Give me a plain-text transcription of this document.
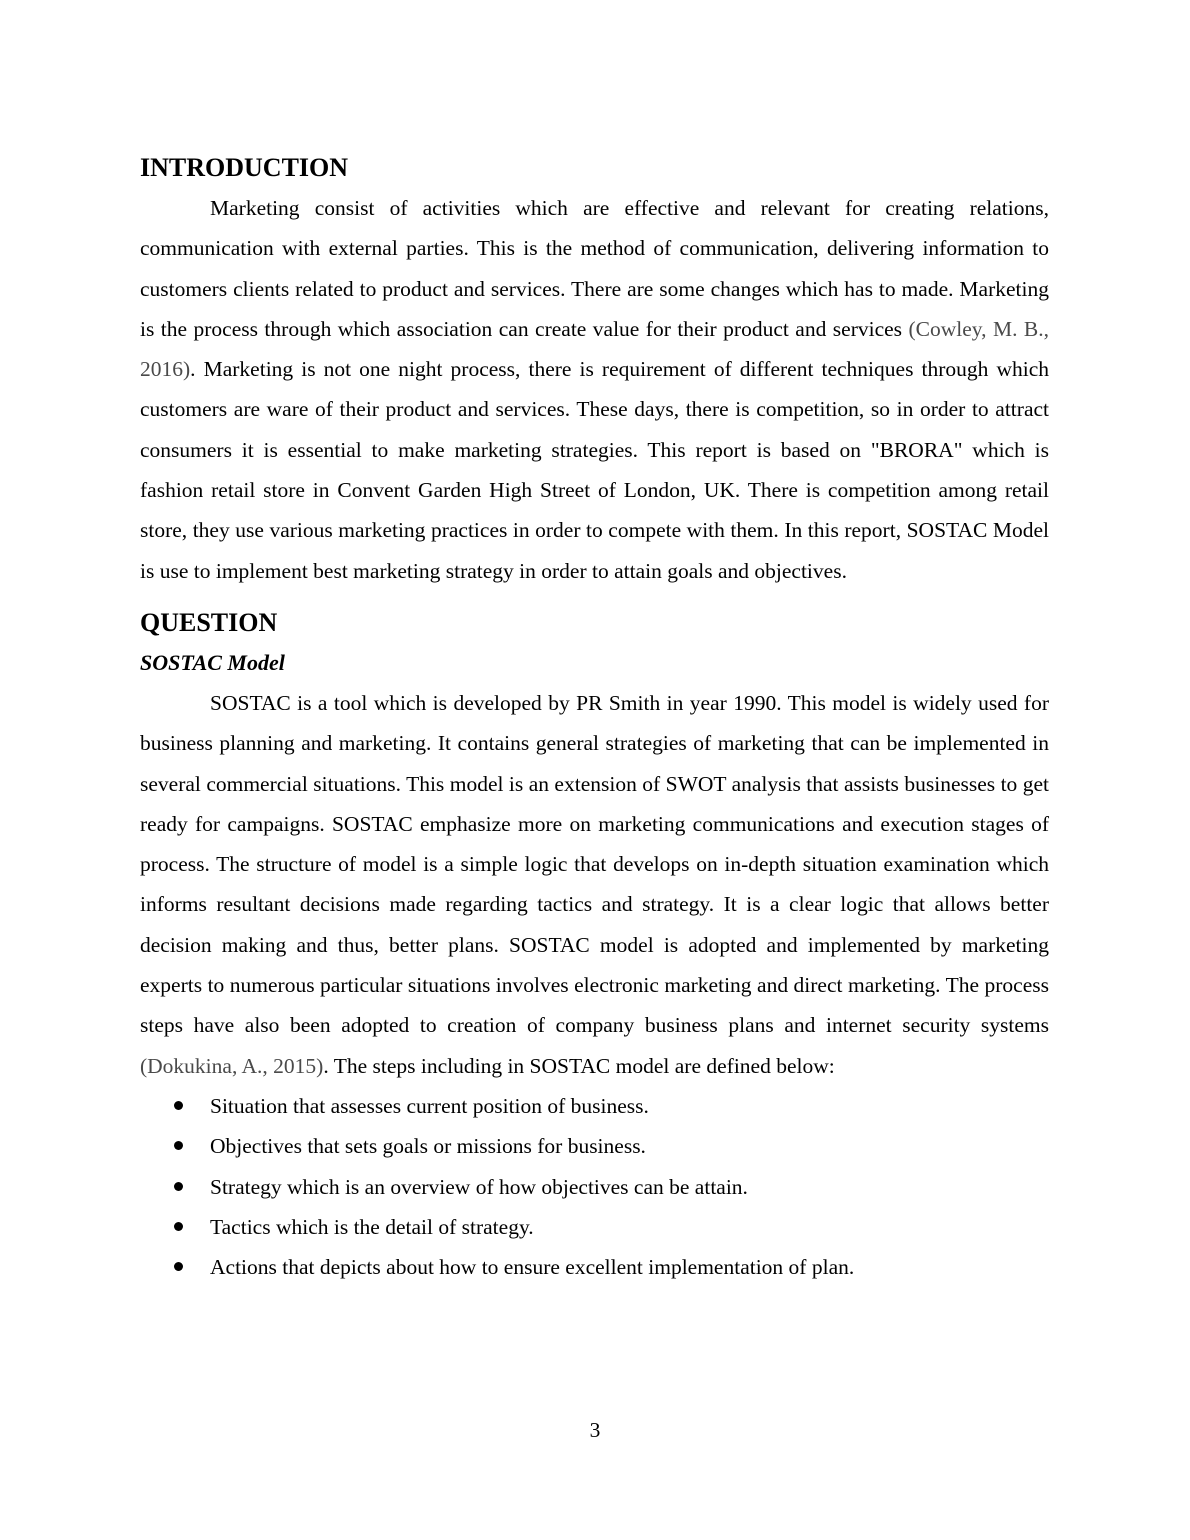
INTRODUCTION

Marketing consist of activities which are effective and relevant for creating relations, communication with external parties. This is the method of communication, delivering information to customers clients related to product and services. There are some changes which has to made. Marketing is the process through which association can create value for their product and services (Cowley, M. B., 2016). Marketing is not one night process, there is requirement of different techniques through which customers are ware of their product and services. These days, there is competition, so in order to attract consumers it is essential to make marketing strategies. This report is based on "BRORA" which is fashion retail store in Convent Garden High Street of London, UK. There is competition among retail store, they use various marketing practices in order to compete with them. In this report, SOSTAC Model is use to implement best marketing strategy in order to attain goals and objectives.

QUESTION
SOSTAC Model

SOSTAC is a tool which is developed by PR Smith in year 1990. This model is widely used for business planning and marketing. It contains general strategies of marketing that can be implemented in several commercial situations. This model is an extension of SWOT analysis that assists businesses to get ready for campaigns. SOSTAC emphasize more on marketing communications and execution stages of process. The structure of model is a simple logic that develops on in-depth situation examination which informs resultant decisions made regarding tactics and strategy. It is a clear logic that allows better decision making and thus, better plans. SOSTAC model is adopted and implemented by marketing experts to numerous particular situations involves electronic marketing and direct marketing. The process steps have also been adopted to creation of company business plans and internet security systems (Dokukina, A., 2015). The steps including in SOSTAC model are defined below:

Situation that assesses current position of business.
Objectives that sets goals or missions for business.
Strategy which is an overview of how objectives can be attain.
Tactics which is the detail of strategy.
Actions that depicts about how to ensure excellent implementation of plan.
3
